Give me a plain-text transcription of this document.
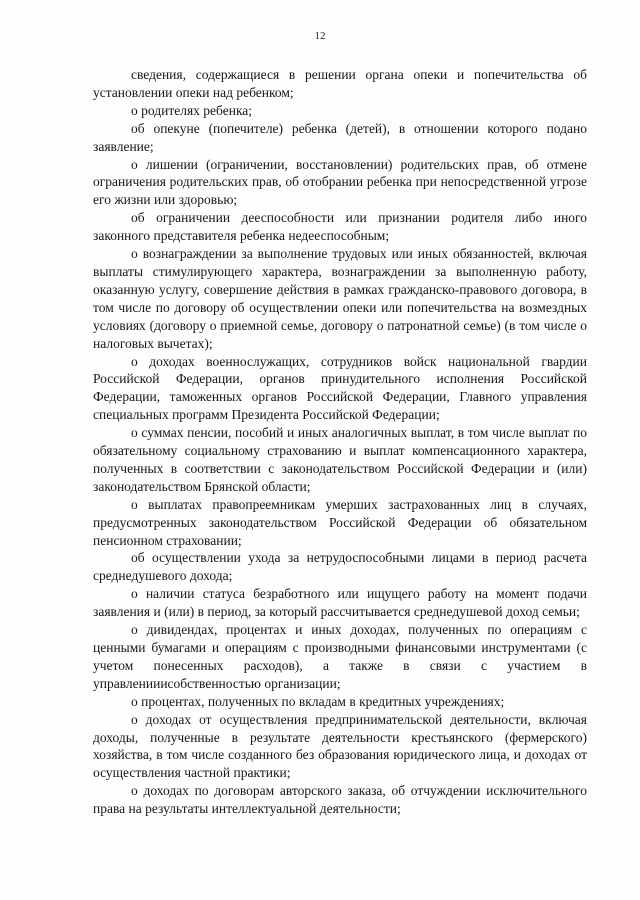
12

сведения, содержащиеся в решении органа опеки и попечительства об установлении опеки над ребенком;

о родителях ребенка;

об опекуне (попечителе) ребенка (детей), в отношении которого подано заявление;

о лишении (ограничении, восстановлении) родительских прав, об отмене ограничения родительских прав, об отобрании ребенка при непосредственной угрозе его жизни или здоровью;

об ограничении дееспособности или признании родителя либо иного законного представителя ребенка недееспособным;

о вознаграждении за выполнение трудовых или иных обязанностей, включая выплаты стимулирующего характера, вознаграждении за выполненную работу, оказанную услугу, совершение действия в рамках гражданско-правового договора, в том числе по договору об осуществлении опеки или попечительства на возмездных условиях (договору о приемной семье, договору о патронатной семье) (в том числе о налоговых вычетах);

о доходах военнослужащих, сотрудников войск национальной гвардии Российской Федерации, органов принудительного исполнения Российской Федерации, таможенных органов Российской Федерации, Главного управления специальных программ Президента Российской Федерации;

о суммах пенсии, пособий и иных аналогичных выплат, в том числе выплат по обязательному социальному страхованию и выплат компенсационного характера, полученных в соответствии с законодательством Российской Федерации и (или) законодательством Брянской области;

о выплатах правопреемникам умерших застрахованных лиц в случаях, предусмотренных законодательством Российской Федерации об обязательном пенсионном страховании;

об осуществлении ухода за нетрудоспособными лицами в период расчета среднедушевого дохода;

о наличии статуса безработного или ищущего работу на момент подачи заявления и (или) в период, за который рассчитывается среднедушевой доход семьи;

о дивидендах, процентах и иных доходах, полученных по операциям с ценными бумагами и операциям с производными финансовыми инструментами (с учетом понесенных расходов), а также в связи с участием в управленииисобственностью организации;

о процентах, полученных по вкладам в кредитных учреждениях;

о доходах от осуществления предпринимательской деятельности, включая доходы, полученные в результате деятельности крестьянского (фермерского) хозяйства, в том числе созданного без образования юридического лица, и доходах от осуществления частной практики;

о доходах по договорам авторского заказа, об отчуждении исключительного права на результаты интеллектуальной деятельности;
